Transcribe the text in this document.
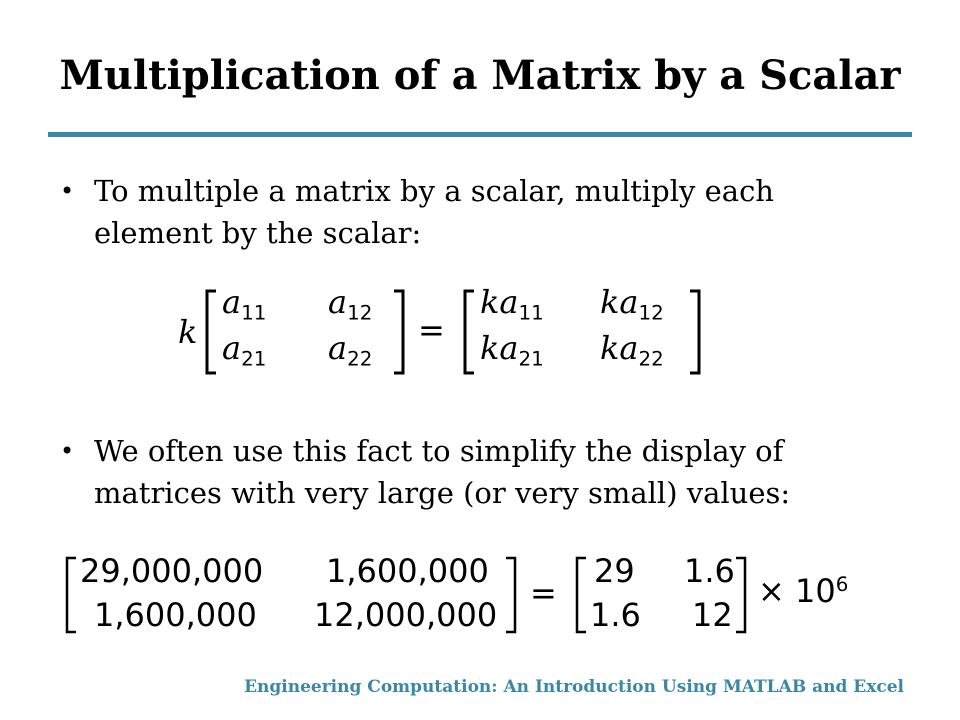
Multiplication of a Matrix by a Scalar
• To multiple a matrix by a scalar, multiply each element by the scalar:
k
$a_{11}$ $a_{12}$
$a_{21}$ $a_{22}$
=
$ka_{11}$ $ka_{12}$
$ka_{21}$ $ka_{22}$
• We often use this fact to simplify the display of matrices with very large (or very small) values:
29,000,000 1,600,000
1,600,000 12,000,000
=
29 1.6
1.6 12
× $10^6$
Engineering Computation: An Introduction Using MATLAB and Excel
